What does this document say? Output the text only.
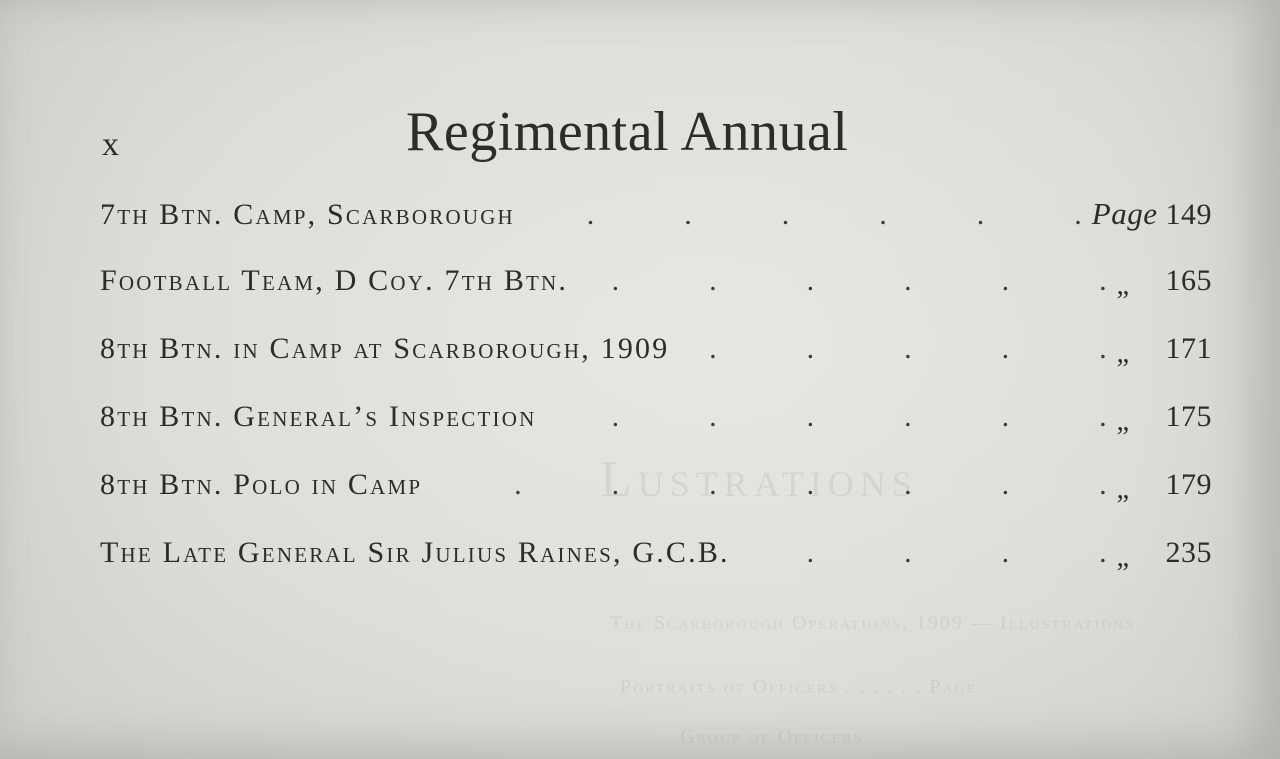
Lustrations
The Scarborough Operations, 1909 — Illustrations
Portraits of Officers . . . . . . Page
Group of Officers
x	Regimental Annual
7th Btn. Camp, Scarborough .	Page 149
Football Team, D Coy. 7th Btn. .	„ 165
8th Btn. in Camp at Scarborough, 1909 .	„ 171
8th Btn. General’s Inspection .	„ 175
8th Btn. Polo in Camp .	„ 179
The Late General Sir Julius Raines, G.C.B. .	„ 235
